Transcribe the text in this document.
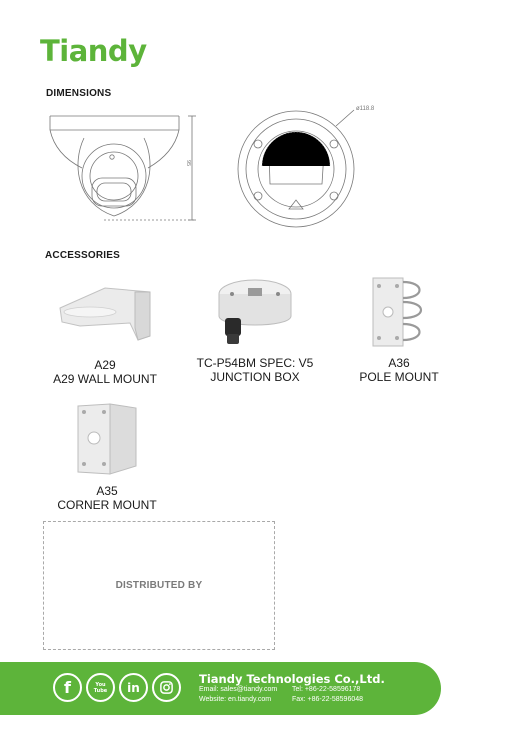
Tiandy
DIMENSIONS
95
ø118.8
ACCESSORIES
A29
A29 WALL MOUNT
TC-P54BM SPEC: V5
JUNCTION BOX
A36
POLE MOUNT
A35
CORNER MOUNT
DISTRIBUTED BY
f	You Tube	in
Tiandy Technologies Co.,Ltd.
Email: sales@tiandy.com
Website: en.tiandy.com
Tel: +86-22-58596178
Fax: +86-22-58596048
